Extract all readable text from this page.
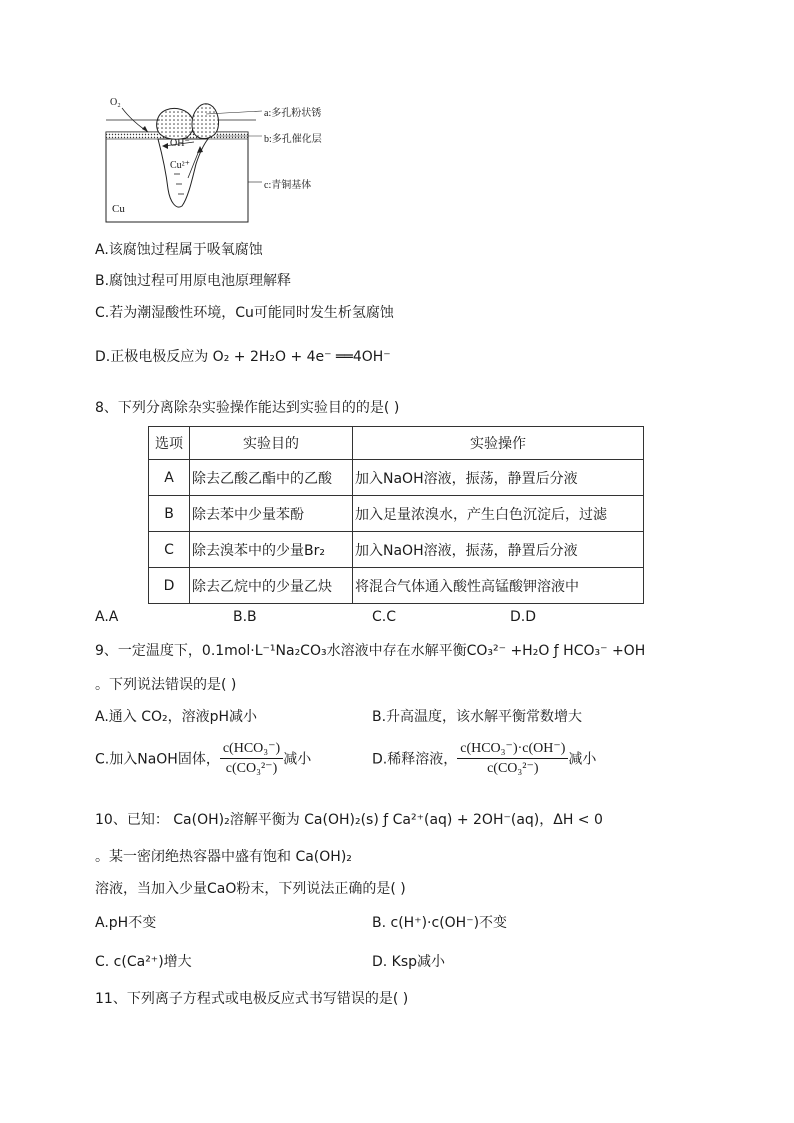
O₂
OH⁻
Cu²⁺
Cu
a:多孔粉状锈
b:多孔催化层
c:青铜基体
A.该腐蚀过程属于吸氧腐蚀
B.腐蚀过程可用原电池原理解释
C.若为潮湿酸性环境，Cu可能同时发生析氢腐蚀
D.正极电极反应为 O₂ + 2H₂O + 4e⁻ ══4OH⁻
8、下列分离除杂实验操作能达到实验目的的是( )
选项	实验目的	实验操作
A	除去乙酸乙酯中的乙酸	加入NaOH溶液，振荡，静置后分液
B	除去苯中少量苯酚	加入足量浓溴水，产生白色沉淀后，过滤
C	除去溴苯中的少量Br₂	加入NaOH溶液，振荡，静置后分液
D	除去乙烷中的少量乙炔	将混合气体通入酸性高锰酸钾溶液中
A.A	B.B	C.C	D.D
9、一定温度下，0.1mol·L⁻¹Na₂CO₃水溶液中存在水解平衡CO₃²⁻ +H₂O ƒ HCO₃⁻ +OH
。下列说法错误的是( )
A.通入 CO₂，溶液pH减小	B.升高温度，该水解平衡常数增大
C.加入NaOH固体， $\frac{\text{c(HCO₃⁻)}}{\text{c(CO₃²⁻)}}$ 减小	D.稀释溶液， $\frac{\text{c(HCO₃⁻)·c(OH⁻)}}{\text{c(CO₃²⁻)}}$ 减小
10、已知： Ca(OH)₂溶解平衡为 Ca(OH)₂(s) ƒ Ca²⁺(aq) + 2OH⁻(aq)，ΔH < 0
。某一密闭绝热容器中盛有饱和 Ca(OH)₂
溶液，当加入少量CaO粉末，下列说法正确的是( )
A.pH不变	B. c(H⁺)·c(OH⁻)不变
C. c(Ca²⁺)增大	D. Ksp减小
11、下列离子方程式或电极反应式书写错误的是( )
